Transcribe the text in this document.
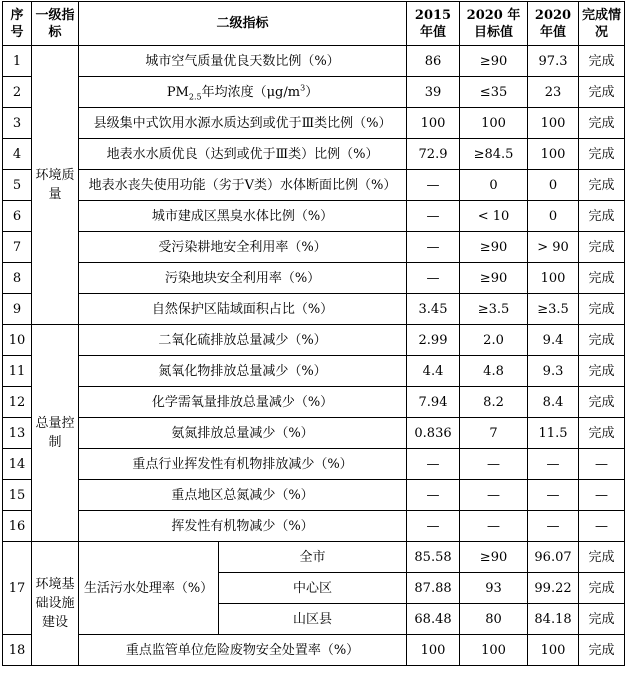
序号	一级指标	二级指标		2015年值	2020 年目标值	2020年值	完成情况
1	环境质量	城市空气质量优良天数比例（%）		86	≥90	97.3	完成
2		$PM_{2.5}$年均浓度$(\mu g/m^3)$		39	≤35	23	完成
3		县级集中式饮用水源水质达到或优于Ⅲ类比例（%）		100	100	100	完成
4		地表水水质优良（达到或优于Ⅲ类）比例（%）		72.9	≥84.5	100	完成
5		地表水丧失使用功能（劣于Ⅴ类）水体断面比例（%）		—	0	0	完成
6		城市建成区黑臭水体比例（%）		—	< 10	0	完成
7		受污染耕地安全利用率（%）		—	≥90	> 90	完成
8		污染地块安全利用率（%）		—	≥90	100	完成
9		自然保护区陆域面积占比（%）		3.45	≥3.5	≥3.5	完成
10	总量控制	二氧化硫排放总量减少（%）		2.99	2.0	9.4	完成
11		氮氧化物排放总量减少（%）		4.4	4.8	9.3	完成
12		化学需氧量排放总量减少（%）		7.94	8.2	8.4	完成
13		氨氮排放总量减少（%）		0.836	7	11.5	完成
14		重点行业挥发性有机物排放减少（%）		—	—	—	—
15		重点地区总氮减少（%）		—	—	—	—
16		挥发性有机物减少（%）		—	—	—	—
17	环境基础设施建设	生活污水处理率（%）	全市	85.58	≥90	96.07	完成
			中心区	87.88	93	99.22	完成
			山区县	68.48	80	84.18	完成
18		重点监管单位危险废物安全处置率（%）		100	100	100	完成
